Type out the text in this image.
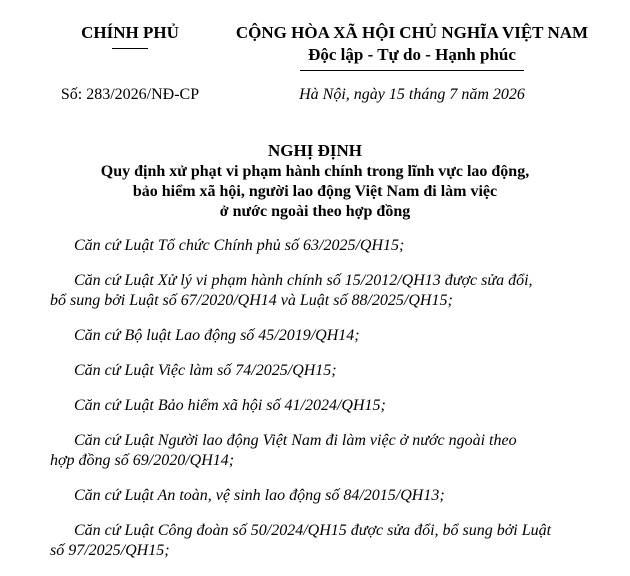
CHÍNH PHỦ	CỘNG HÒA XÃ HỘI CHỦ NGHĨA VIỆT NAM
Độc lập - Tự do - Hạnh phúc
Số: 283/2026/NĐ-CP	Hà Nội, ngày 15 tháng 7 năm 2026
NGHỊ ĐỊNH
Quy định xử phạt vi phạm hành chính trong lĩnh vực lao động,
bảo hiểm xã hội, người lao động Việt Nam đi làm việc
ở nước ngoài theo hợp đồng

Căn cứ Luật Tổ chức Chính phủ số 63/2025/QH15;

Căn cứ Luật Xử lý vi phạm hành chính số 15/2012/QH13 được sửa đổi,
bổ sung bởi Luật số 67/2020/QH14 và Luật số 88/2025/QH15;

Căn cứ Bộ luật Lao động số 45/2019/QH14;

Căn cứ Luật Việc làm số 74/2025/QH15;

Căn cứ Luật Bảo hiểm xã hội số 41/2024/QH15;

Căn cứ Luật Người lao động Việt Nam đi làm việc ở nước ngoài theo
hợp đồng số 69/2020/QH14;

Căn cứ Luật An toàn, vệ sinh lao động số 84/2015/QH13;

Căn cứ Luật Công đoàn số 50/2024/QH15 được sửa đổi, bổ sung bởi Luật
số 97/2025/QH15;
